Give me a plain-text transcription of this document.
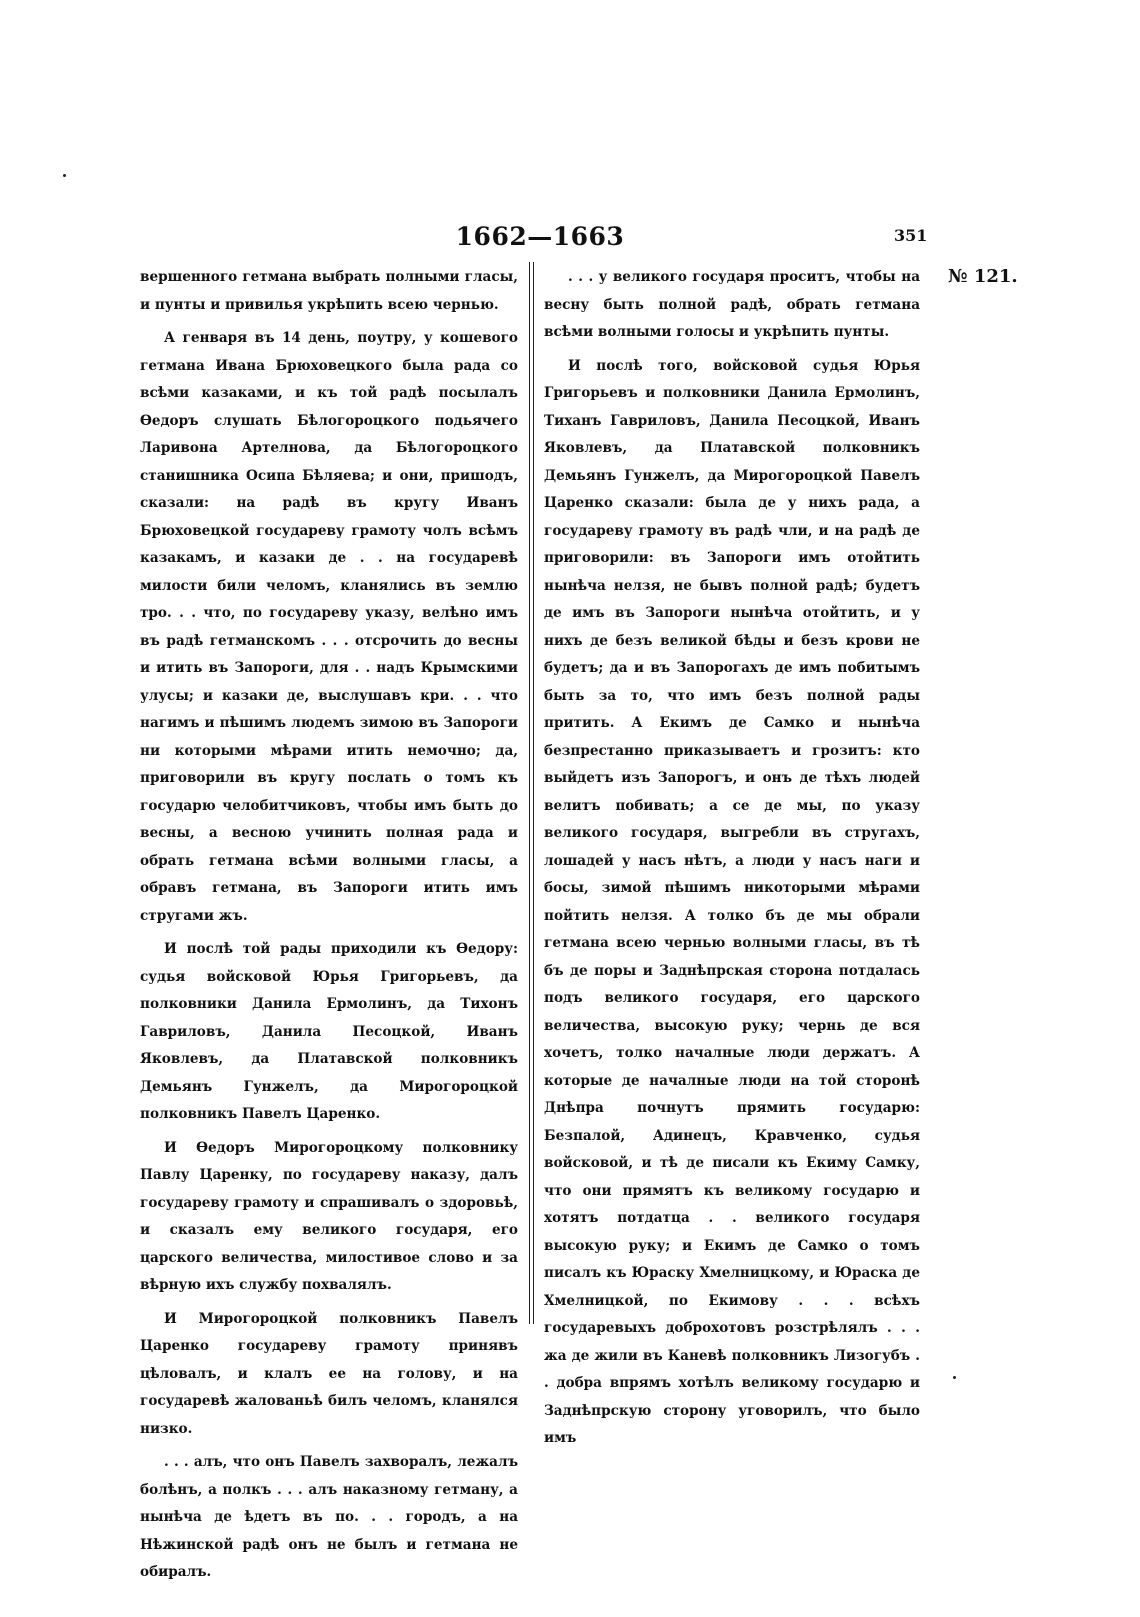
1662—1663	351
№ 121.

вершенного гетмана выбрать полными гласы, и пунты и привилья укрѣпить всею чернью.

А генваря въ 14 день, поутру, у кошевого гетмана Ивана Брюховецкого была рада со всѣми казаками, и къ той радѣ посылалъ Ѳедоръ слушать Бѣлогороцкого подьячего Ларивона Артелнова, да Бѣлогороцкого станишника Осипа Бѣляева; и они, пришодъ, сказали: на радѣ въ кругу Иванъ Брюховецкой государеву грамоту чолъ всѣмъ казакамъ, и казаки де . . на государевѣ милости били челомъ, кланялись въ землю тро. . . что, по государеву указу, велѣно имъ въ радѣ гетманскомъ . . . отсрочить до весны и итить въ Запороги, для . . надъ Крымскими улусы; и казаки де, выслушавъ кри. . . что нагимъ и пѣшимъ людемъ зимою въ Запороги ни которыми мѣрами итить немочно; да, приговорили въ кругу послать о томъ къ государю челобитчиковъ, чтобы имъ быть до весны, а весною учинить полная рада и обрать гетмана всѣми волными гласы, а обравъ гетмана, въ Запороги итить имъ стругами жъ.

И послѣ той рады приходили къ Ѳедору: судья войсковой Юрья Григорьевъ, да полковники Данила Ермолинъ, да Тихонъ Гавриловъ, Данила Песоцкой, Иванъ Яковлевъ, да Платавской полковникъ Демьянъ Гунжелъ, да Мирогороцкой полковникъ Павелъ Царенко.

И Ѳедоръ Мирогороцкому полковнику Павлу Царенку, по государеву наказу, далъ государеву грамоту и спрашивалъ о здоровьѣ, и сказалъ ему великого государя, его царского величества, милостивое слово и за вѣрную ихъ службу похвалялъ.

И Мирогороцкой полковникъ Павелъ Царенко государеву грамоту принявъ цѣловалъ, и клалъ ее на голову, и на государевѣ жалованьѣ билъ челомъ, кланялся низко.

. . . алъ, что онъ Павелъ захворалъ, лежалъ болѣнъ, а полкъ . . . алъ наказному гетману, а нынѣча де ѣдетъ въ по. . . городъ, а на Нѣжинской радѣ онъ не былъ и гетмана не обиралъ.

. . . у великого государя проситъ, чтобы на весну быть полной радѣ, обрать гетмана всѣми волными голосы и укрѣпить пунты.

И послѣ того, войсковой судья Юрья Григорьевъ и полковники Данила Ермолинъ, Тиханъ Гавриловъ, Данила Песоцкой, Иванъ Яковлевъ, да Платавской полковникъ Демьянъ Гунжелъ, да Мирогороцкой Павелъ Царенко сказали: была де у нихъ рада, а государеву грамоту въ радѣ чли, и на радѣ де приговорили: въ Запороги имъ отойтить нынѣча нелзя, не бывъ полной радѣ; будетъ де имъ въ Запороги нынѣча отойтить, и у нихъ де безъ великой бѣды и безъ крови не будетъ; да и въ Запорогахъ де имъ побитымъ быть за то, что имъ безъ полной рады притить. А Екимъ де Самко и нынѣча безпрестанно приказываетъ и грозитъ: кто выйдетъ изъ Запорогъ, и онъ де тѣхъ людей велитъ побивать; а се де мы, по указу великого государя, выгребли въ стругахъ, лошадей у насъ нѣтъ, а люди у насъ наги и босы, зимой пѣшимъ никоторыми мѣрами пойтить нелзя. А толко бъ де мы обрали гетмана всею чернью волными гласы, въ тѣ бъ де поры и Заднѣпрская сторона потдалась подъ великого государя, его царского величества, высокую руку; чернь де вся хочетъ, толко началные люди держатъ. А которые де началные люди на той сторонѣ Днѣпра почнутъ прямить государю: Безпалой, Адинецъ, Кравченко, судья войсковой, и тѣ де писали къ Екиму Самку, что они прямятъ къ великому государю и хотятъ потдатца . . великого государя высокую руку; и Екимъ де Самко о томъ писалъ къ Юраску Хмелницкому, и Юраска де Хмелницкой, по Екимову . . . всѣхъ государевыхъ доброхотовъ розстрѣлялъ . . . жа де жили въ Каневѣ полковникъ Лизогубъ . . добра впрямъ хотѣлъ великому государю и Заднѣпрскую сторону уговорилъ, что было имъ
